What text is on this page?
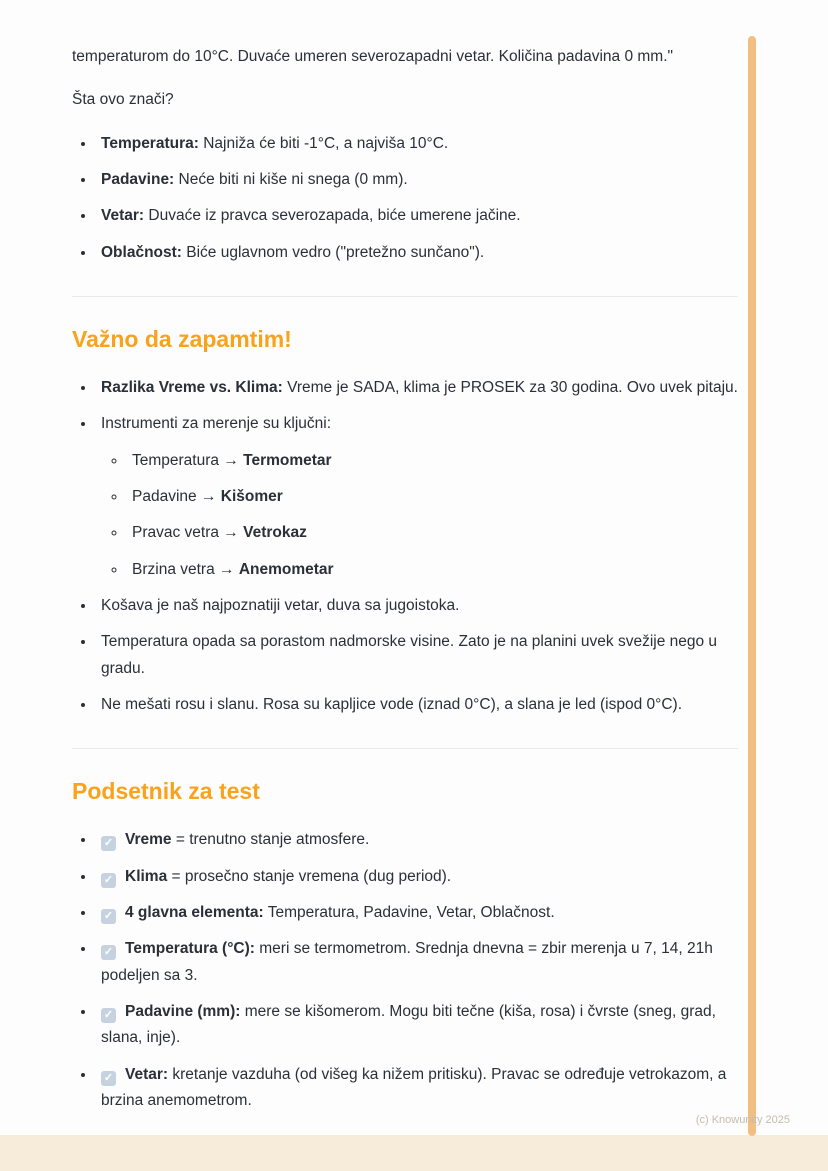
temperaturom do 10°C. Duvaće umeren severozapadni vetar. Količina padavina 0 mm."

Šta ovo znači?

• Temperatura: Najniža će biti -1°C, a najviša 10°C.
• Padavine: Neće biti ni kiše ni snega (0 mm).
• Vetar: Duvaće iz pravca severozapada, biće umerene jačine.
• Oblačnost: Biće uglavnom vedro ("pretežno sunčano").
Važno da zapamtim!
• Razlika Vreme vs. Klima: Vreme je SADA, klima je PROSEK za 30 godina. Ovo uvek pitaju.
• Instrumenti za merenje su ključni:
◦ Temperatura → Termometar
◦ Padavine → Kišomer
◦ Pravac vetra → Vetrokaz
◦ Brzina vetra → Anemometar
• Košava je naš najpoznatiji vetar, duva sa jugoistoka.
• Temperatura opada sa porastom nadmorske visine. Zato je na planini uvek svežije nego u gradu.
• Ne mešati rosu i slanu. Rosa su kapljice vode (iznad 0°C), a slana je led (ispod 0°C).
Podsetnik za test
• ✓ Vreme = trenutno stanje atmosfere.
• ✓ Klima = prosečno stanje vremena (dug period).
• ✓ 4 glavna elementa: Temperatura, Padavine, Vetar, Oblačnost.
• ✓ Temperatura (°C): meri se termometrom. Srednja dnevna = zbir merenja u 7, 14, 21h podeljen sa 3.
• ✓ Padavine (mm): mere se kišomerom. Mogu biti tečne (kiša, rosa) i čvrste (sneg, grad, slana, inje).
• ✓ Vetar: kretanje vazduha (od višeg ka nižem pritisku). Pravac se određuje vetrokazom, a brzina anemometrom.
(c) Knowunity 2025
